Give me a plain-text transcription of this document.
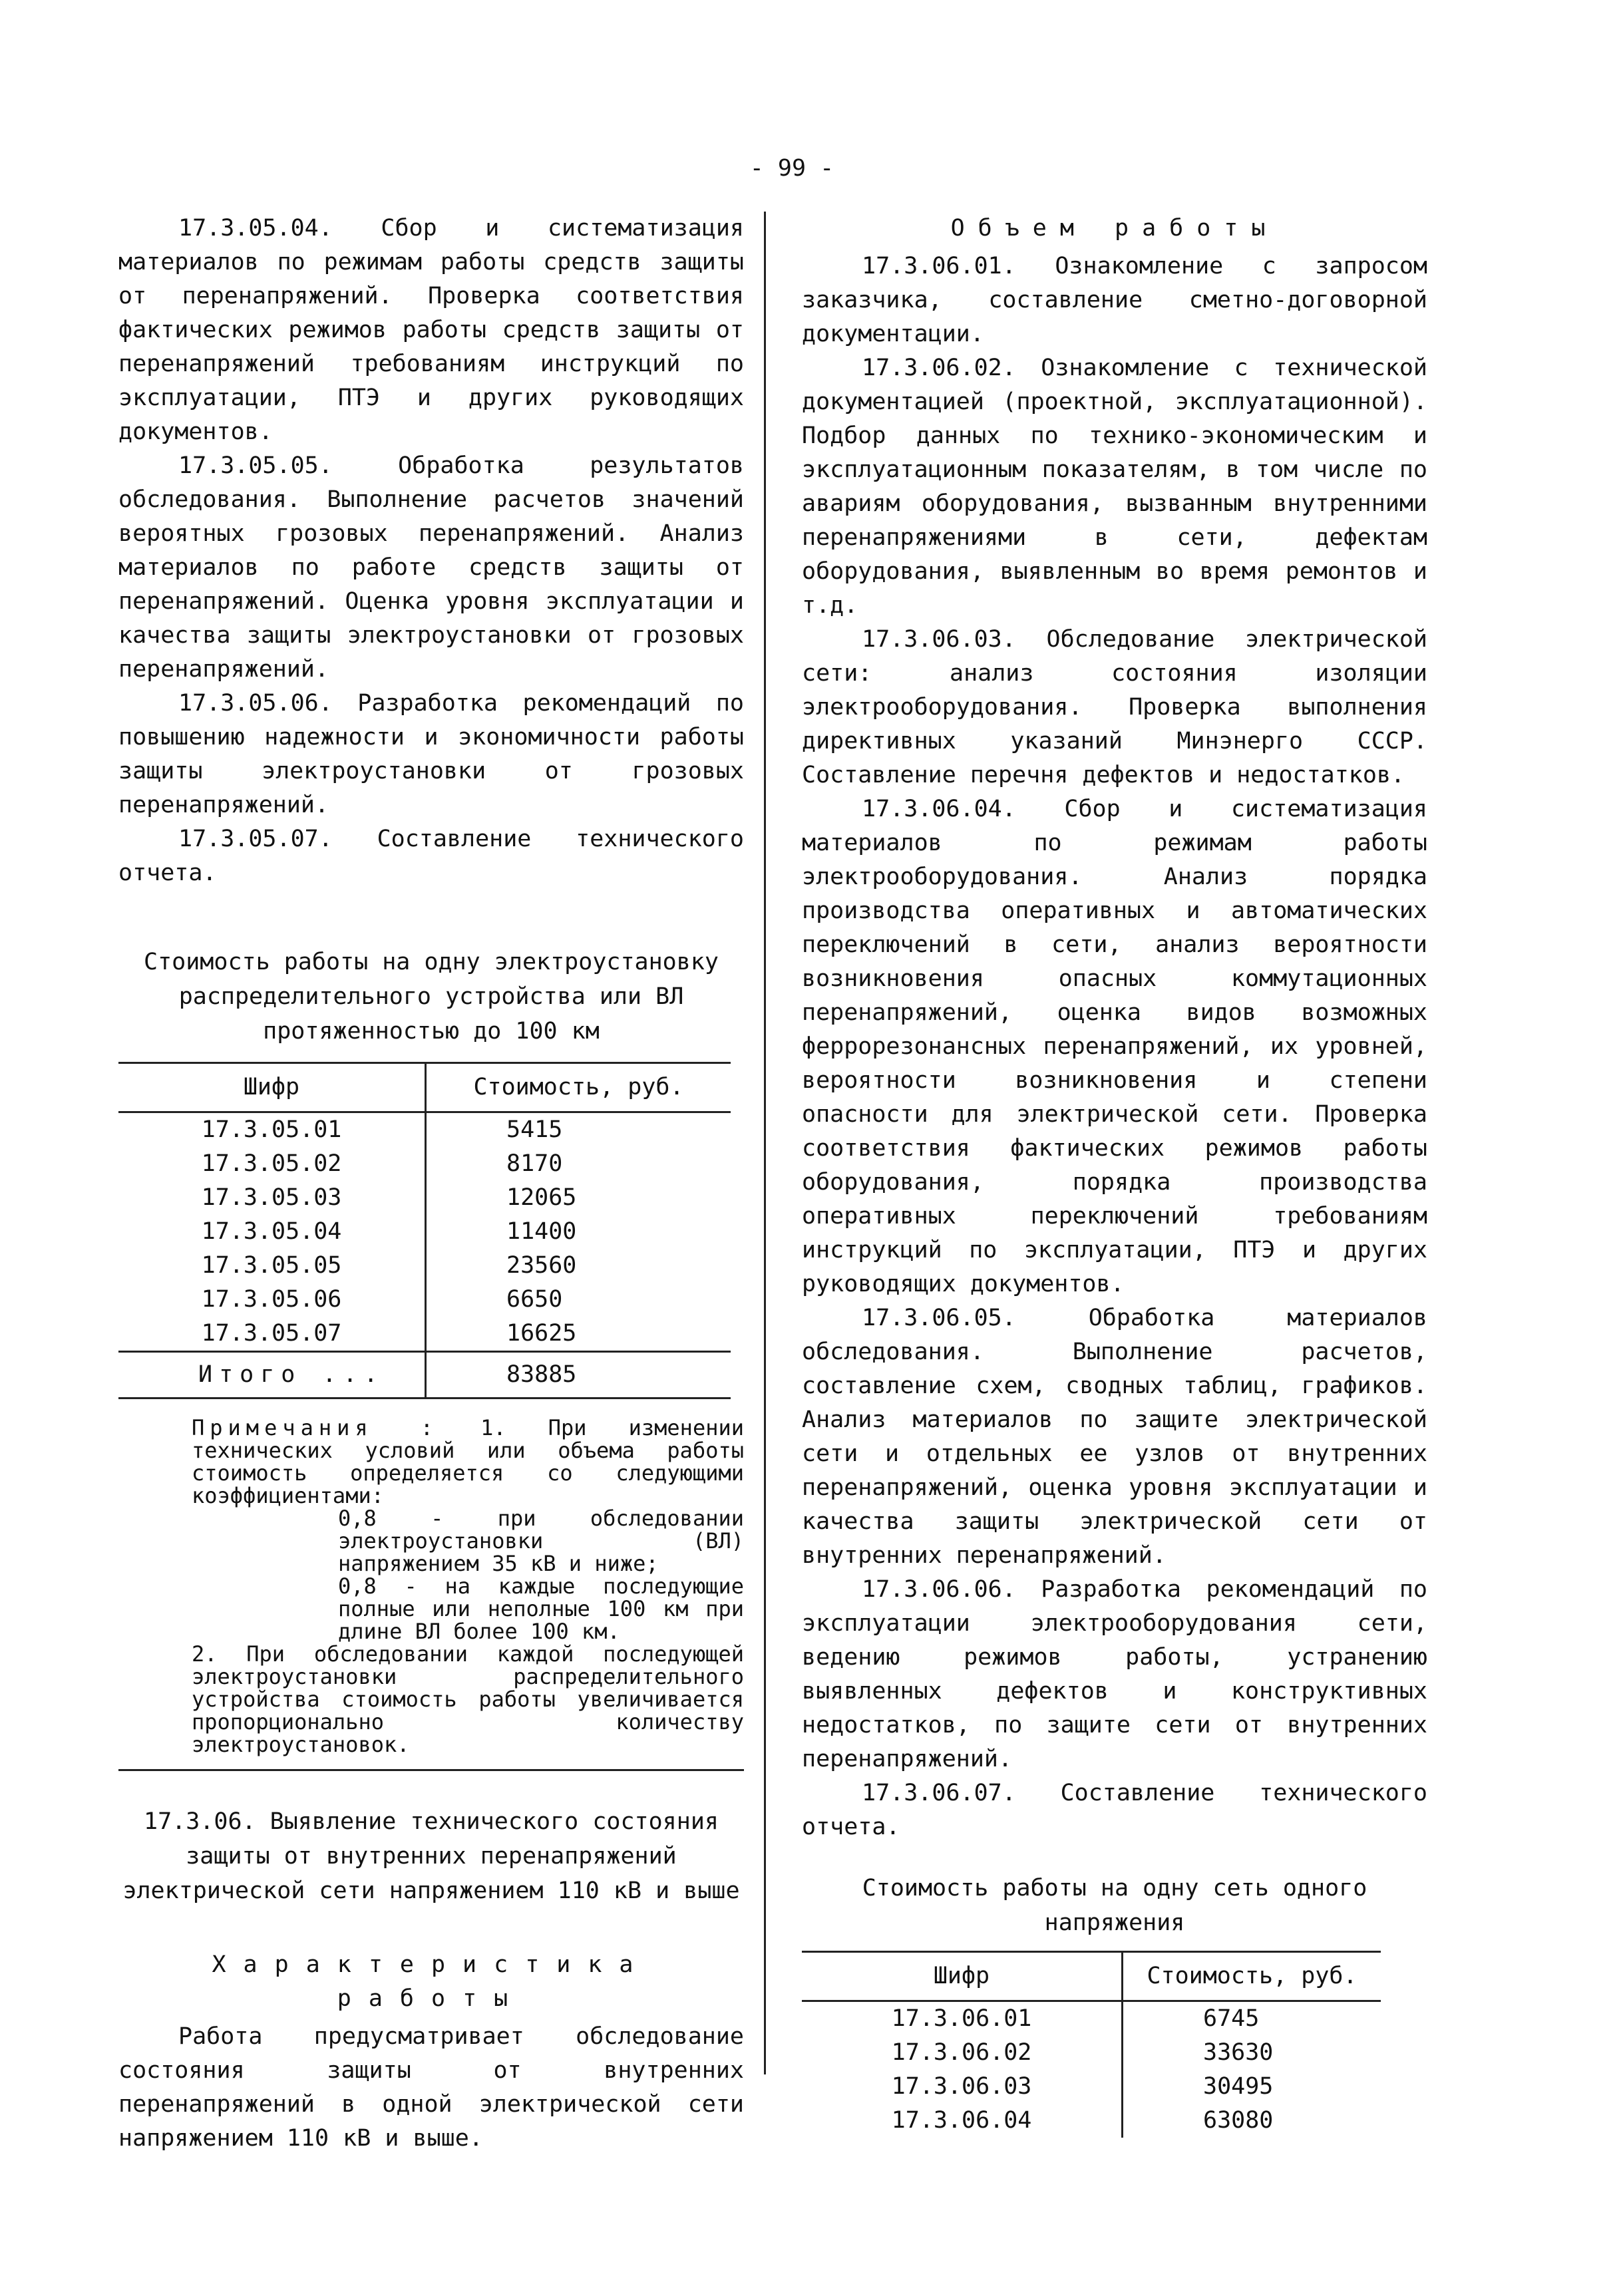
- 99 -

17.3.05.04. Сбор и систематизация материалов по режимам работы средств защиты от перенапряжений. Проверка соответствия фактических режимов работы средств защиты от перенапряжений требованиям инструкций по эксплуатации, ПТЭ и других руководящих документов.

17.3.05.05. Обработка результатов обследования. Выполнение расчетов значений вероятных грозовых перенапряжений. Анализ материалов по работе средств защиты от перенапряжений. Оценка уровня эксплуатации и качества защиты электроустановки от грозовых перенапряжений.

17.3.05.06. Разработка рекомендаций по повышению надежности и экономичности работы защиты электроустановки от грозовых перенапряжений.

17.3.05.07. Составление технического отчета.

Стоимость работы на одну электроустановку распределительного устройства или ВЛ протяженностью до 100 км

Шифр	Стоимость, руб.
17.3.05.01	5415
17.3.05.02	8170
17.3.05.03	12065
17.3.05.04	11400
17.3.05.05	23560
17.3.05.06	6650
17.3.05.07	16625
Итого ...	83885
Примечания : 1. При изменении технических условий или объема работы стоимость определяется со следующими коэффициентами:
0,8 - при обследовании электроустановки (ВЛ) напряжением 35 кВ и ниже;
0,8 - на каждые последующие полные или неполные 100 км при длине ВЛ более 100 км.
2. При обследовании каждой последующей электроустановки распределительного устройства стоимость работы увеличивается пропорционально количеству электроустановок.

17.3.06. Выявление технического состояния защиты от внутренних перенапряжений электрической сети напряжением 110 кВ и выше

Характеристика работы

Работа предусматривает обследование состояния защиты от внутренних перенапряжений в одной электрической сети напряжением 110 кВ и выше.

Объем работы

17.3.06.01. Ознакомление с запросом заказчика, составление сметно-договорной документации.

17.3.06.02. Ознакомление с технической документацией (проектной, эксплуатационной). Подбор данных по технико-экономическим и эксплуатационным показателям, в том числе по авариям оборудования, вызванным внутренними перенапряжениями в сети, дефектам оборудования, выявленным во время ремонтов и т.д.

17.3.06.03. Обследование электрической сети: анализ состояния изоляции электрооборудования. Проверка выполнения директивных указаний Минэнерго СССР. Составление перечня дефектов и недостатков.

17.3.06.04. Сбор и систематизация материалов по режимам работы электрооборудования. Анализ порядка производства оперативных и автоматических переключений в сети, анализ вероятности возникновения опасных коммутационных перенапряжений, оценка видов возможных феррорезонансных перенапряжений, их уровней, вероятности возникновения и степени опасности для электрической сети. Проверка соответствия фактических режимов работы оборудования, порядка производства оперативных переключений требованиям инструкций по эксплуатации, ПТЭ и других руководящих документов.

17.3.06.05. Обработка материалов обследования. Выполнение расчетов, составление схем, сводных таблиц, графиков. Анализ материалов по защите электрической сети и отдельных ее узлов от внутренних перенапряжений, оценка уровня эксплуатации и качества защиты электрической сети от внутренних перенапряжений.

17.3.06.06. Разработка рекомендаций по эксплуатации электрооборудования сети, ведению режимов работы, устранению выявленных дефектов и конструктивных недостатков, по защите сети от внутренних перенапряжений.

17.3.06.07. Составление технического отчета.

Стоимость работы на одну сеть одного напряжения

Шифр	Стоимость, руб.
17.3.06.01	6745
17.3.06.02	33630
17.3.06.03	30495
17.3.06.04	63080
